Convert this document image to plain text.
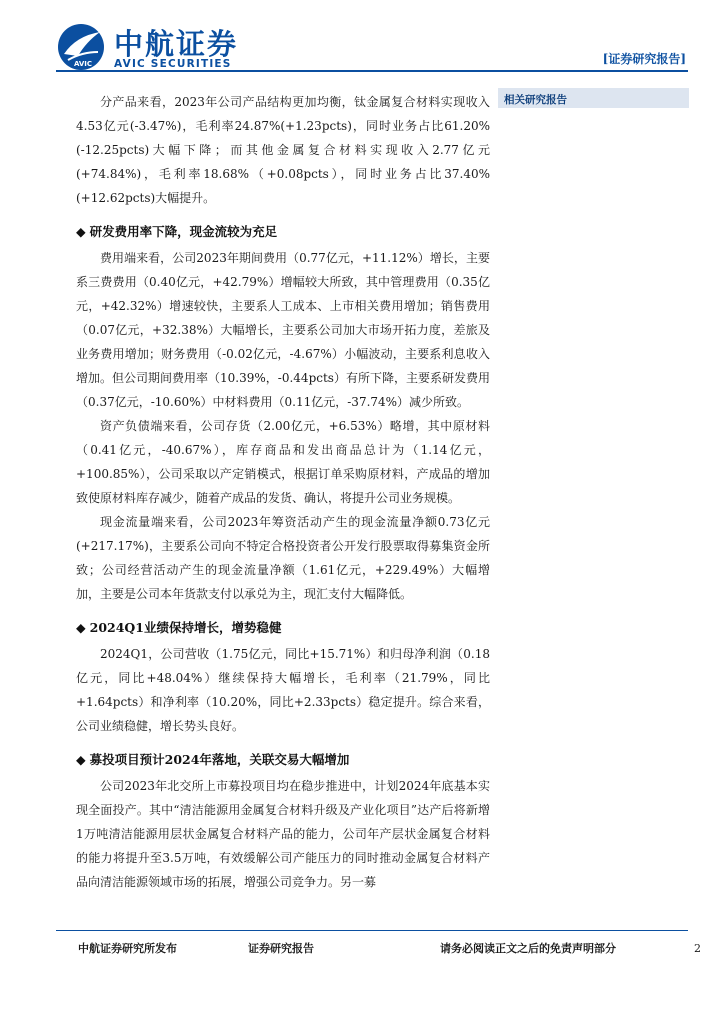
AVIC
中航证券
AVIC SECURITIES	[证券研究报告]
相关研究报告

分产品来看，2023年公司产品结构更加均衡，钛金属复合材料实现收入4.53亿元(-3.47%)，毛利率24.87%(+1.23pcts)，同时业务占比61.20%(-12.25pcts)大幅下降；而其他金属复合材料实现收入2.77亿元(+74.84%)，毛利率18.68%（+0.08pcts），同时业务占比37.40%(+12.62pcts)大幅提升。

◆ 研发费用率下降，现金流较为充足

费用端来看，公司2023年期间费用（0.77亿元，+11.12%）增长，主要系三费费用（0.40亿元，+42.79%）增幅较大所致，其中管理费用（0.35亿元，+42.32%）增速较快，主要系人工成本、上市相关费用增加；销售费用（0.07亿元，+32.38%）大幅增长，主要系公司加大市场开拓力度，差旅及业务费用增加；财务费用（-0.02亿元，-4.67%）小幅波动，主要系利息收入增加。但公司期间费用率（10.39%，-0.44pcts）有所下降，主要系研发费用（0.37亿元，-10.60%）中材料费用（0.11亿元，-37.74%）减少所致。

资产负债端来看，公司存货（2.00亿元，+6.53%）略增，其中原材料（0.41亿元，-40.67%），库存商品和发出商品总计为（1.14亿元，+100.85%），公司采取以产定销模式，根据订单采购原材料，产成品的增加致使原材料库存减少，随着产成品的发货、确认，将提升公司业务规模。

现金流量端来看，公司2023年筹资活动产生的现金流量净额0.73亿元(+217.17%)，主要系公司向不特定合格投资者公开发行股票取得募集资金所致；公司经营活动产生的现金流量净额（1.61亿元，+229.49%）大幅增加，主要是公司本年货款支付以承兑为主，现汇支付大幅降低。

◆ 2024Q1业绩保持增长，增势稳健

2024Q1，公司营收（1.75亿元，同比+15.71%）和归母净利润（0.18亿元，同比+48.04%）继续保持大幅增长，毛利率（21.79%，同比+1.64pcts）和净利率（10.20%，同比+2.33pcts）稳定提升。综合来看，公司业绩稳健，增长势头良好。

◆ 募投项目预计2024年落地，关联交易大幅增加

公司2023年北交所上市募投项目均在稳步推进中，计划2024年底基本实现全面投产。其中“清洁能源用金属复合材料升级及产业化项目”达产后将新增1万吨清洁能源用层状金属复合材料产品的能力，公司年产层状金属复合材料的能力将提升至3.5万吨，有效缓解公司产能压力的同时推动金属复合材料产品向清洁能源领域市场的拓展，增强公司竞争力。另一募

中航证券研究所发布	证券研究报告	请务必阅读正文之后的免责声明部分	2
